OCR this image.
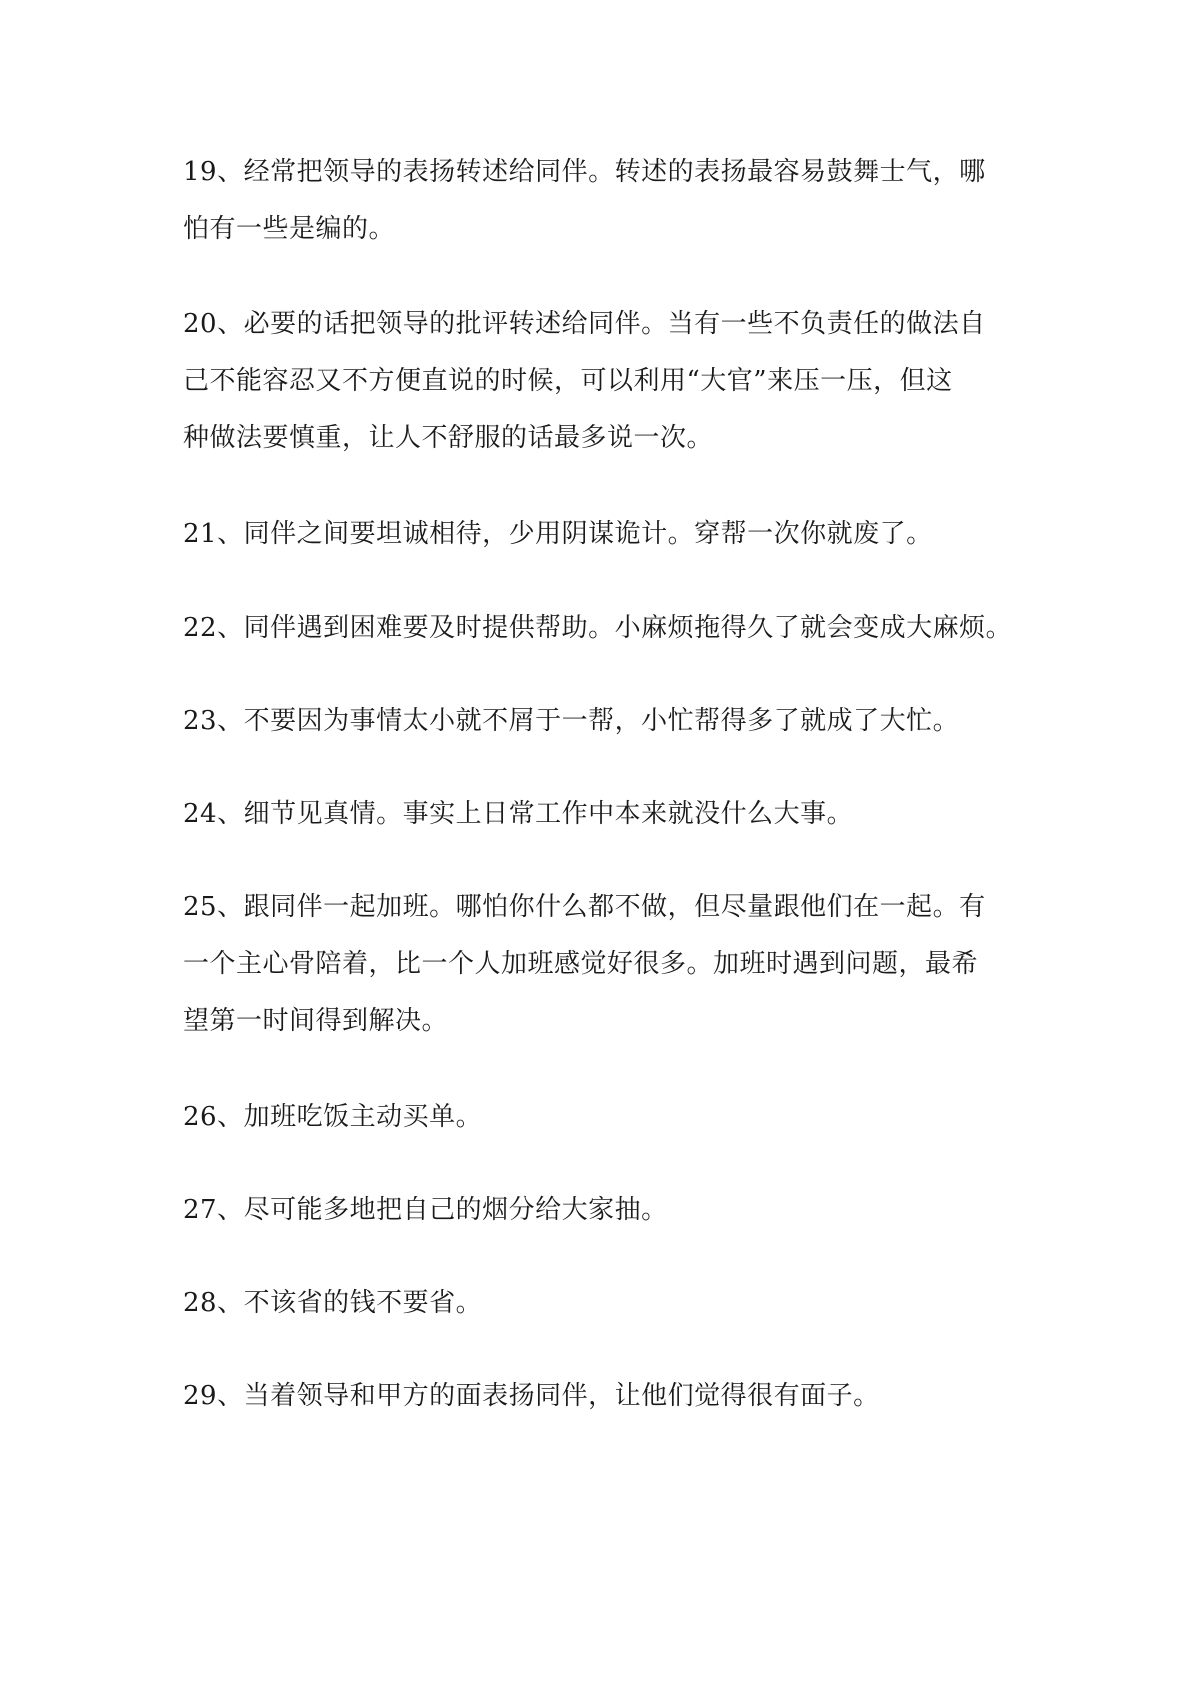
19、经常把领导的表扬转述给同伴。转述的表扬最容易鼓舞士气，哪
怕有一些是编的。

20、必要的话把领导的批评转述给同伴。当有一些不负责任的做法自
己不能容忍又不方便直说的时候，可以利用“大官”来压一压，但这
种做法要慎重，让人不舒服的话最多说一次。

21、同伴之间要坦诚相待，少用阴谋诡计。穿帮一次你就废了。

22、同伴遇到困难要及时提供帮助。小麻烦拖得久了就会变成大麻烦。

23、不要因为事情太小就不屑于一帮，小忙帮得多了就成了大忙。

24、细节见真情。事实上日常工作中本来就没什么大事。

25、跟同伴一起加班。哪怕你什么都不做，但尽量跟他们在一起。有
一个主心骨陪着，比一个人加班感觉好很多。加班时遇到问题，最希
望第一时间得到解决。

26、加班吃饭主动买单。

27、尽可能多地把自己的烟分给大家抽。

28、不该省的钱不要省。

29、当着领导和甲方的面表扬同伴，让他们觉得很有面子。
